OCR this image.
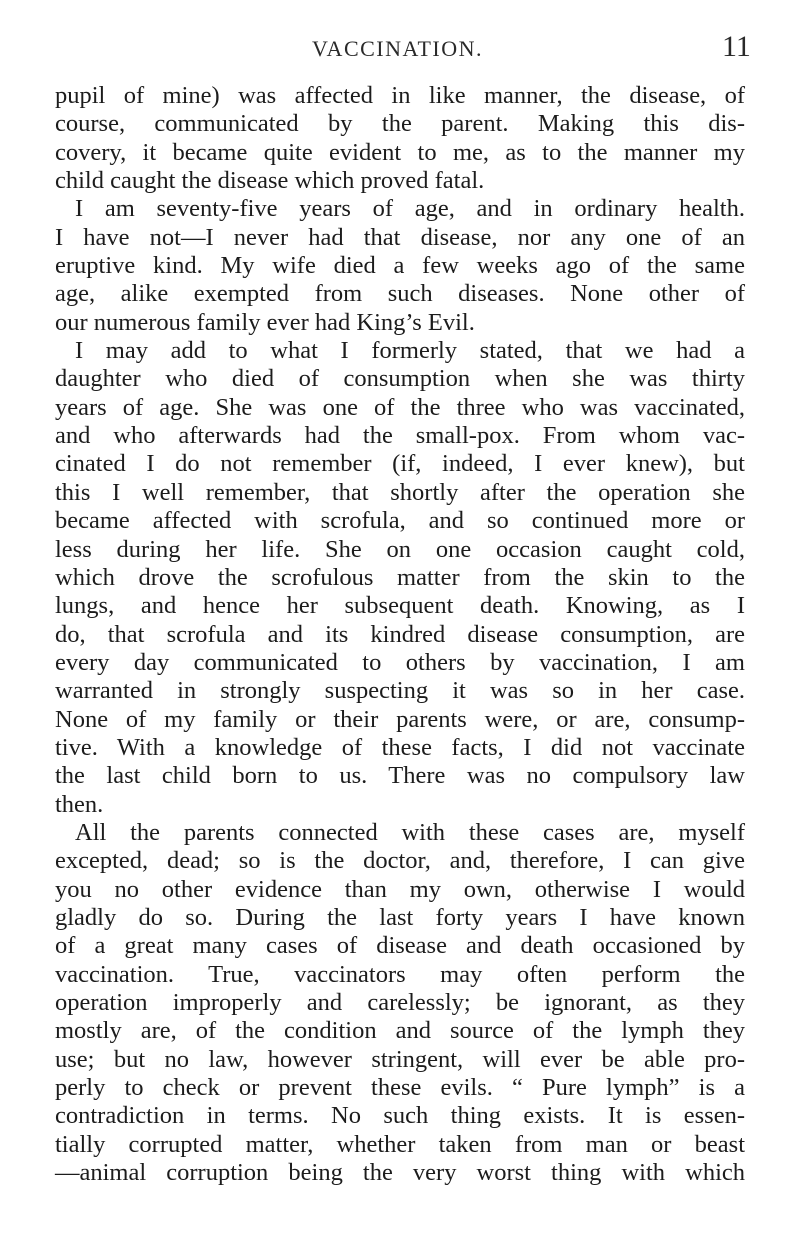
VACCINATION.	11
pupil of mine) was affected in like manner, the disease, of
course, communicated by the parent. Making this dis-
covery, it became quite evident to me, as to the manner my
child caught the disease which proved fatal.
I am seventy-five years of age, and in ordinary health.
I have not—I never had that disease, nor any one of an
eruptive kind. My wife died a few weeks ago of the same
age, alike exempted from such diseases. None other of
our numerous family ever had King’s Evil.
I may add to what I formerly stated, that we had a
daughter who died of consumption when she was thirty
years of age. She was one of the three who was vaccinated,
and who afterwards had the small-pox. From whom vac-
cinated I do not remember (if, indeed, I ever knew), but
this I well remember, that shortly after the operation she
became affected with scrofula, and so continued more or
less during her life. She on one occasion caught cold,
which drove the scrofulous matter from the skin to the
lungs, and hence her subsequent death. Knowing, as I
do, that scrofula and its kindred disease consumption, are
every day communicated to others by vaccination, I am
warranted in strongly suspecting it was so in her case.
None of my family or their parents were, or are, consump-
tive. With a knowledge of these facts, I did not vaccinate
the last child born to us. There was no compulsory law
then.
All the parents connected with these cases are, myself
excepted, dead; so is the doctor, and, therefore, I can give
you no other evidence than my own, otherwise I would
gladly do so. During the last forty years I have known
of a great many cases of disease and death occasioned by
vaccination. True, vaccinators may often perform the
operation improperly and carelessly; be ignorant, as they
mostly are, of the condition and source of the lymph they
use; but no law, however stringent, will ever be able pro-
perly to check or prevent these evils. “ Pure lymph” is a
contradiction in terms. No such thing exists. It is essen-
tially corrupted matter, whether taken from man or beast
—animal corruption being the very worst thing with which
